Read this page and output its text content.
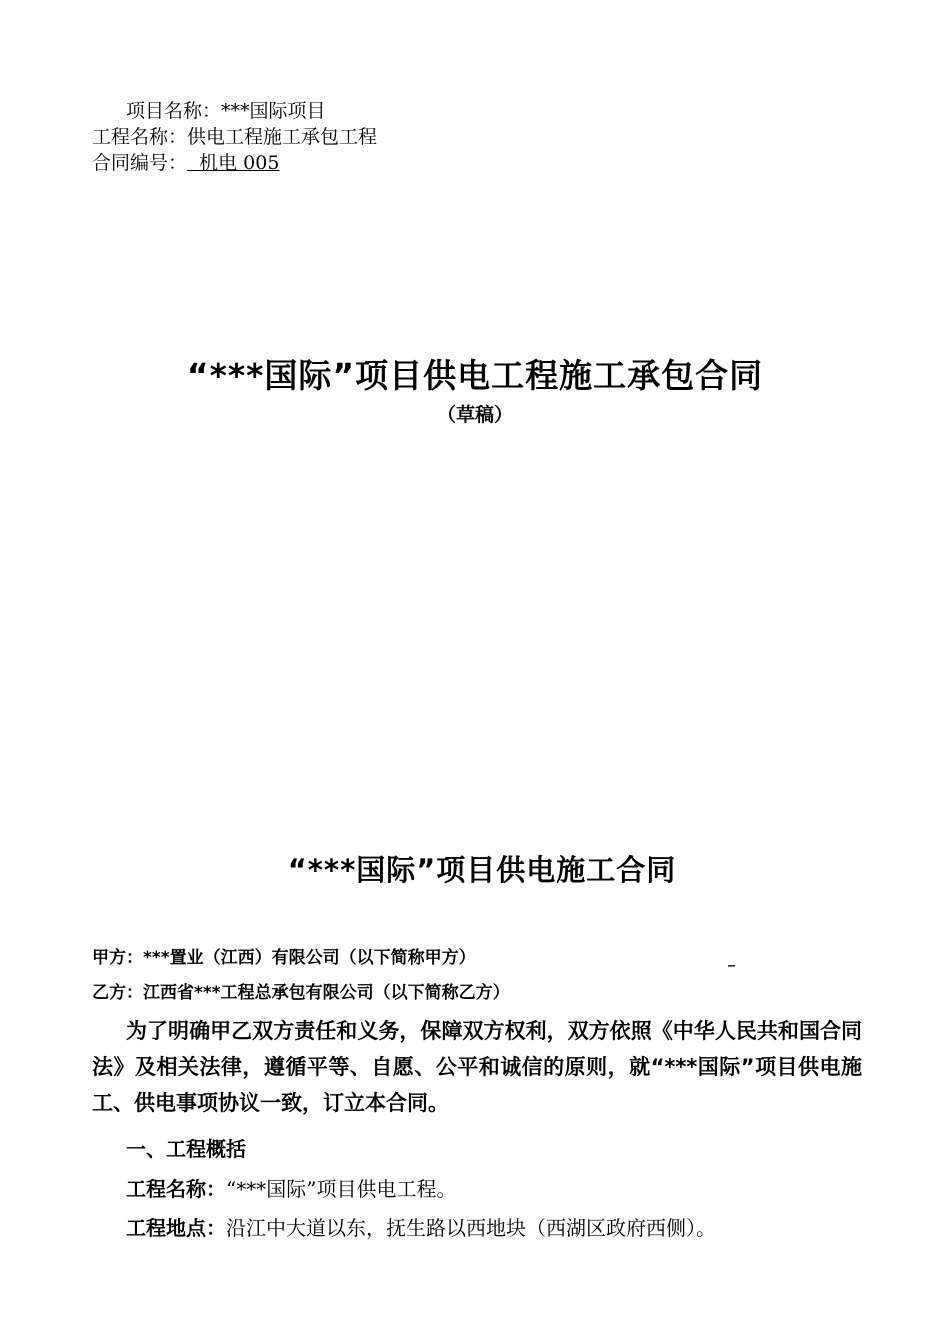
项目名称：***国际项目
工程名称：供电工程施工承包工程
合同编号： 机电 005
“***国际”项目供电工程施工承包合同
（草稿）
“***国际”项目供电施工合同
甲方：***置业（江西）有限公司（以下简称甲方）	_
乙方：江西省***工程总承包有限公司（以下简称乙方）
为了明确甲乙双方责任和义务，保障双方权利，双方依照《中华人民共和国合同法》及相关法律，遵循平等、自愿、公平和诚信的原则，就“***国际”项目供电施工、供电事项协议一致，订立本合同。
一、工程概括
工程名称：“***国际”项目供电工程。
工程地点：沿江中大道以东，抚生路以西地块（西湖区政府西侧）。
